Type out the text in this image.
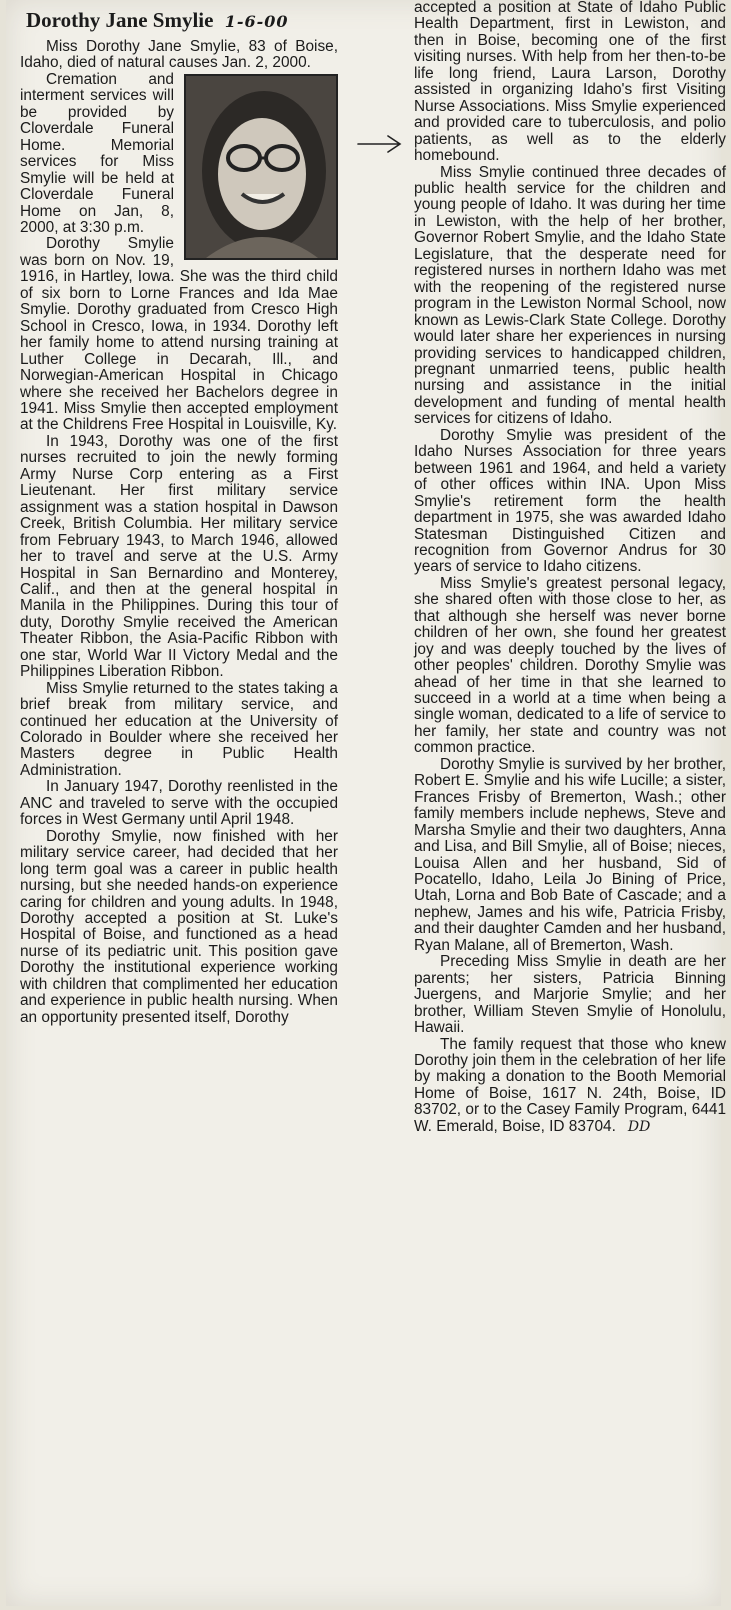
Dorothy Jane Smylie 1-6-00

Miss Dorothy Jane Smylie, 83 of Boise, Idaho, died of natural causes Jan. 2, 2000.

Cremation and interment services will be provided by Cloverdale Funeral Home. Memorial services for Miss Smylie will be held at Cloverdale Funeral Home on Jan, 8, 2000, at 3:30 p.m.

Dorothy Smylie was born on Nov. 19, 1916, in Hartley, Iowa. She was the third child of six born to Lorne Frances and Ida Mae Smylie. Dorothy graduated from Cresco High School in Cresco, Iowa, in 1934. Dorothy left her family home to attend nursing training at Luther College in Decarah, Ill., and Norwegian-American Hospital in Chicago where she received her Bachelors degree in 1941. Miss Smylie then accepted employment at the Childrens Free Hospital in Louisville, Ky.

In 1943, Dorothy was one of the first nurses recruited to join the newly forming Army Nurse Corp entering as a First Lieutenant. Her first military service assignment was a station hospital in Dawson Creek, British Columbia. Her military service from February 1943, to March 1946, allowed her to travel and serve at the U.S. Army Hospital in San Bernardino and Monterey, Calif., and then at the general hospital in Manila in the Philippines. During this tour of duty, Dorothy Smylie received the American Theater Ribbon, the Asia-Pacific Ribbon with one star, World War II Victory Medal and the Philippines Liberation Ribbon.

Miss Smylie returned to the states taking a brief break from military service, and continued her education at the University of Colorado in Boulder where she received her Masters degree in Public Health Administration.

In January 1947, Dorothy reenlisted in the ANC and traveled to serve with the occupied forces in West Germany until April 1948.

Dorothy Smylie, now finished with her military service career, had decided that her long term goal was a career in public health nursing, but she needed hands-on experience caring for children and young adults. In 1948, Dorothy accepted a position at St. Luke's Hospital of Boise, and functioned as a head nurse of its pediatric unit. This position gave Dorothy the institutional experience working with children that complimented her education and experience in public health nursing. When an opportunity presented itself, Dorothy

accepted a position at State of Idaho Public Health Department, first in Lewiston, and then in Boise, becoming one of the first visiting nurses. With help from her then-to-be life long friend, Laura Larson, Dorothy assisted in organizing Idaho's first Visiting Nurse Associations. Miss Smylie experienced and provided care to tuberculosis, and polio patients, as well as to the elderly homebound.

Miss Smylie continued three decades of public health service for the children and young people of Idaho. It was during her time in Lewiston, with the help of her brother, Governor Robert Smylie, and the Idaho State Legislature, that the desperate need for registered nurses in northern Idaho was met with the reopening of the registered nurse program in the Lewiston Normal School, now known as Lewis-Clark State College. Dorothy would later share her experiences in nursing providing services to handicapped children, pregnant unmarried teens, public health nursing and assistance in the initial development and funding of mental health services for citizens of Idaho.

Dorothy Smylie was president of the Idaho Nurses Association for three years between 1961 and 1964, and held a variety of other offices within INA. Upon Miss Smylie's retirement form the health department in 1975, she was awarded Idaho Statesman Distinguished Citizen and recognition from Governor Andrus for 30 years of service to Idaho citizens.

Miss Smylie's greatest personal legacy, she shared often with those close to her, as that although she herself was never borne children of her own, she found her greatest joy and was deeply touched by the lives of other peoples' children. Dorothy Smylie was ahead of her time in that she learned to succeed in a world at a time when being a single woman, dedicated to a life of service to her family, her state and country was not common practice.

Dorothy Smylie is survived by her brother, Robert E. Smylie and his wife Lucille; a sister, Frances Frisby of Bremerton, Wash.; other family members include nephews, Steve and Marsha Smylie and their two daughters, Anna and Lisa, and Bill Smylie, all of Boise; nieces, Louisa Allen and her husband, Sid of Pocatello, Idaho, Leila Jo Bining of Price, Utah, Lorna and Bob Bate of Cascade; and a nephew, James and his wife, Patricia Frisby, and their daughter Camden and her husband, Ryan Malane, all of Bremerton, Wash.

Preceding Miss Smylie in death are her parents; her sisters, Patricia Binning Juergens, and Marjorie Smylie; and her brother, William Steven Smylie of Honolulu, Hawaii.

The family request that those who knew Dorothy join them in the celebration of her life by making a donation to the Booth Memorial Home of Boise, 1617 N. 24th, Boise, ID 83702, or to the Casey Family Program, 6441 W. Emerald, Boise, ID 83704. DD
